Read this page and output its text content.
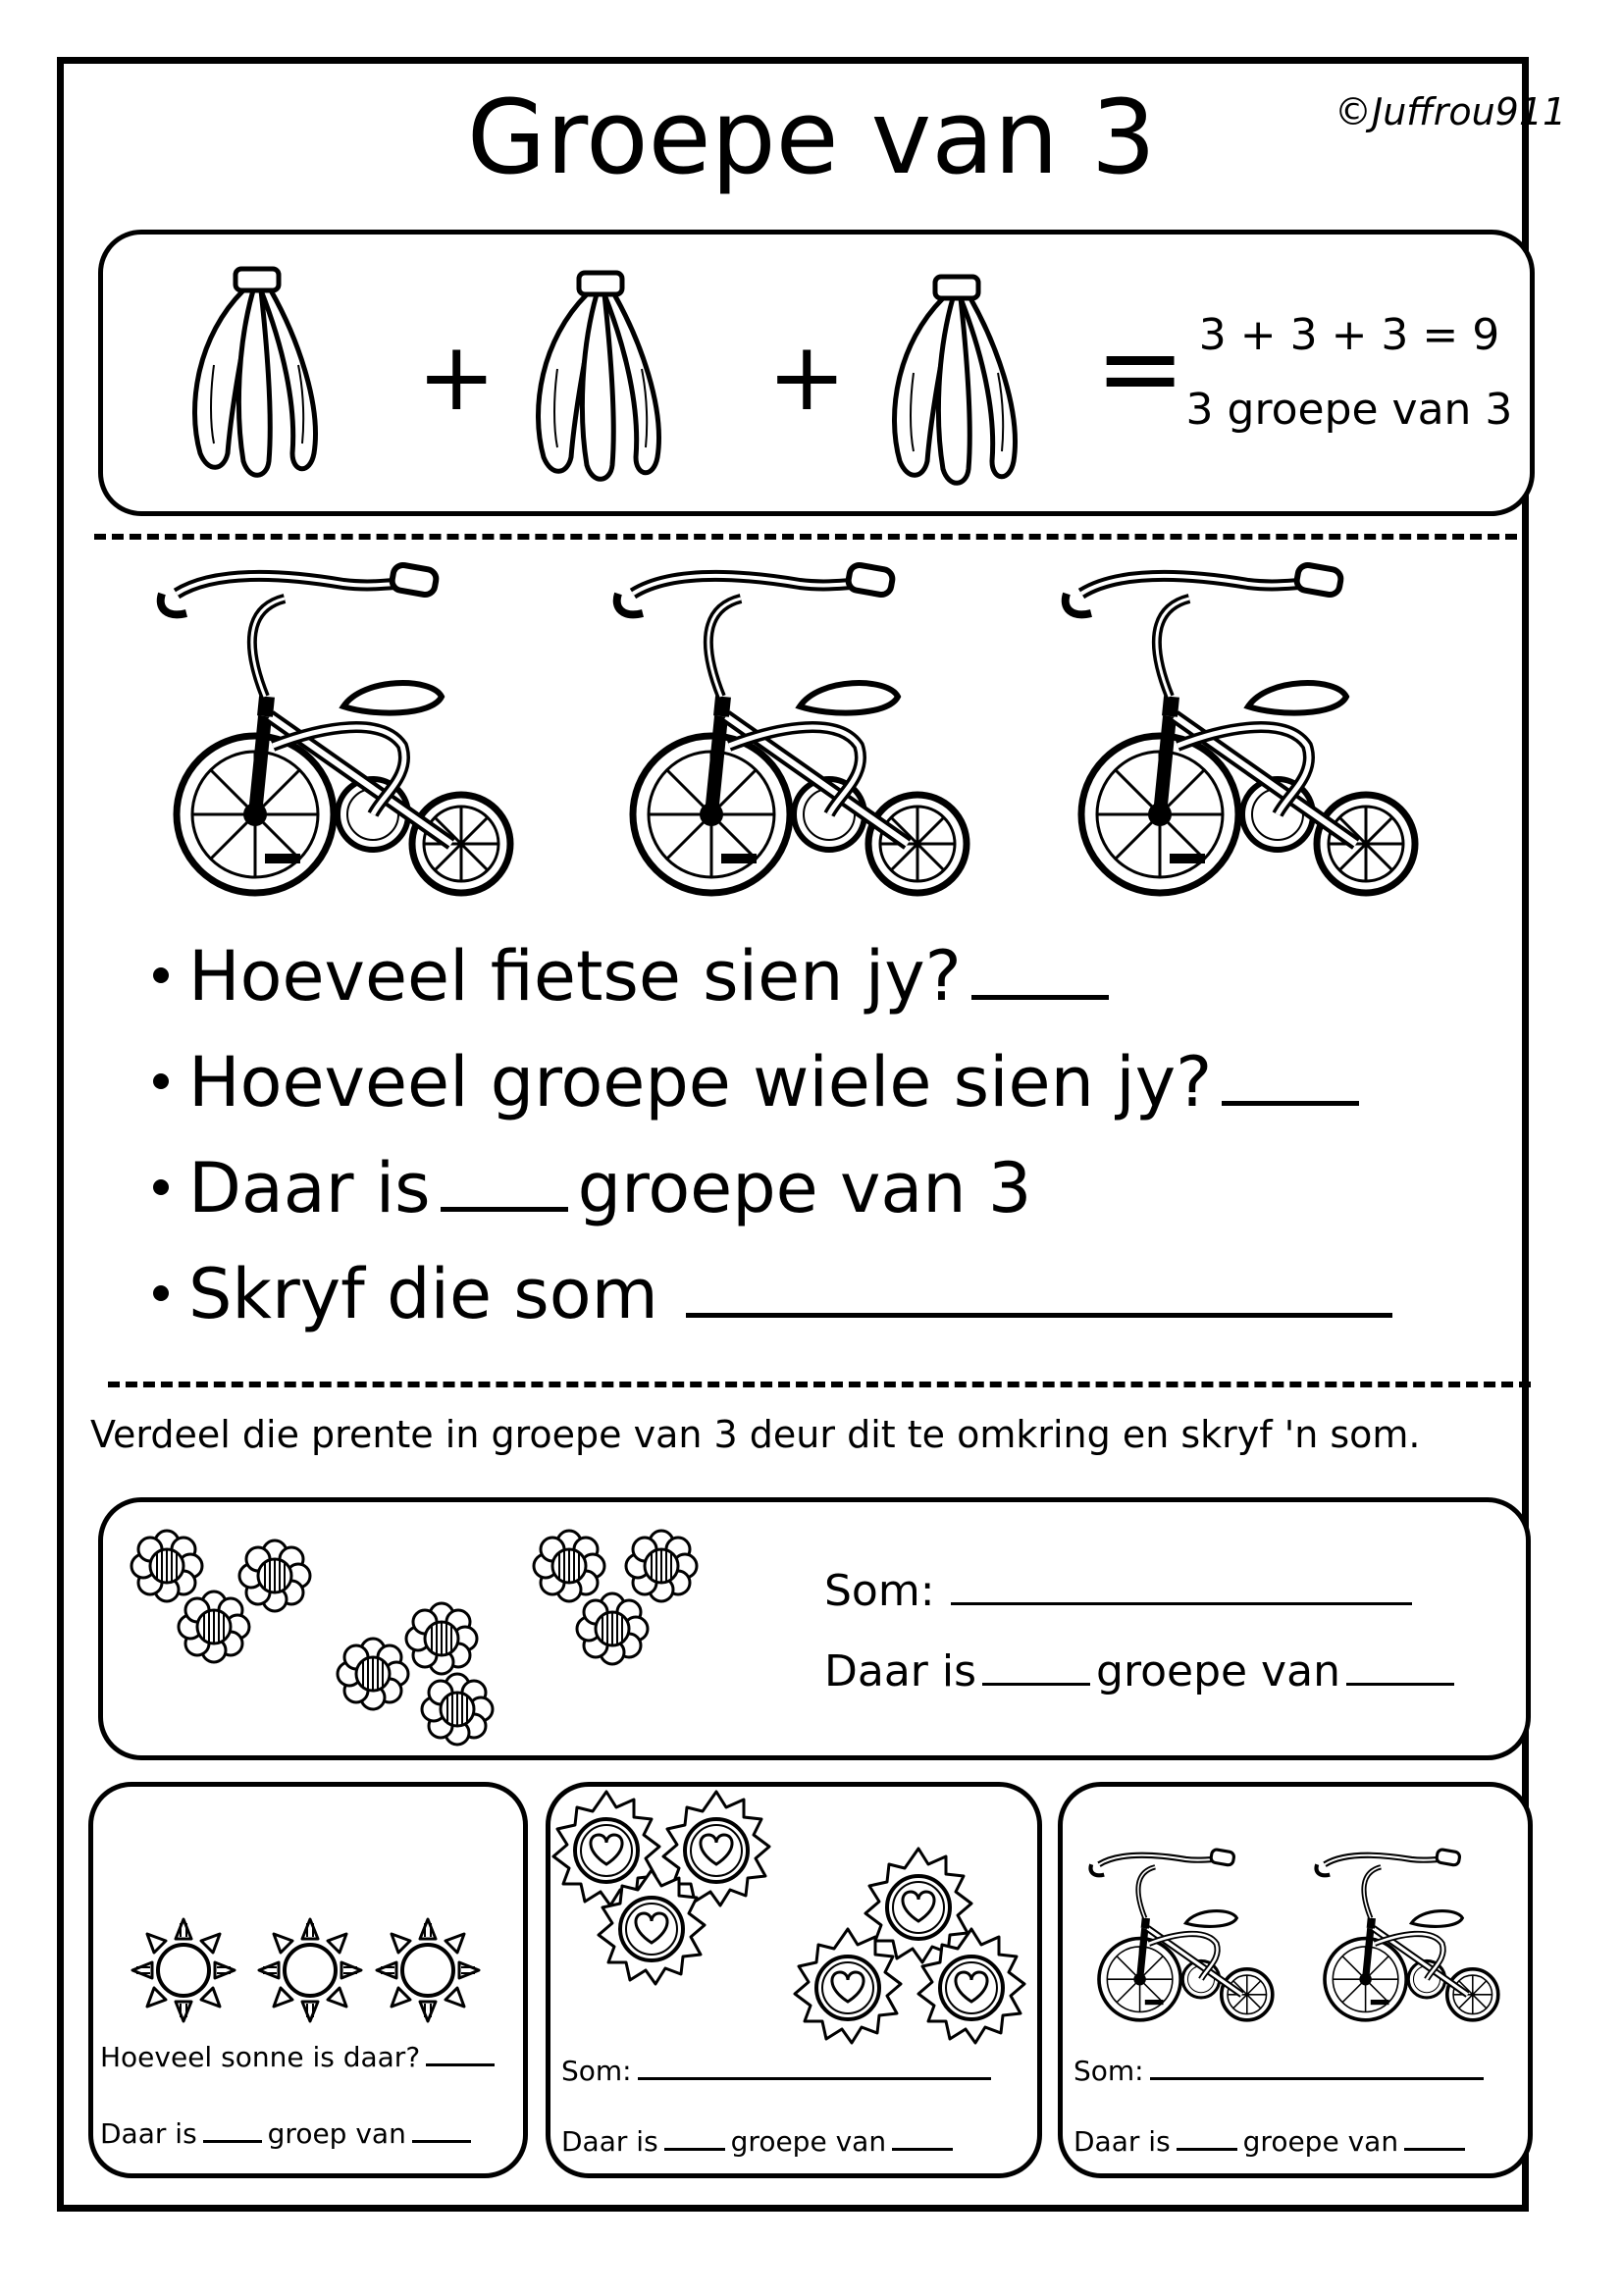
Groepe van 3	©Juffrou911
+	+ = 3 + 3 + 3 = 9
3 groepe van 3
Hoeveel fietse sien jy?
Hoeveel groepe wiele sien jy?
Daar is groepe van 3
Skryf die som
Verdeel die prente in groepe van 3 deur dit te omkring en skryf 'n som.
Som:
Daar is	groepe van
Hoeveel sonne is daar?
Daar is	groep van
Som:
Daar is	groepe van
Som:
Daar is	groepe van
